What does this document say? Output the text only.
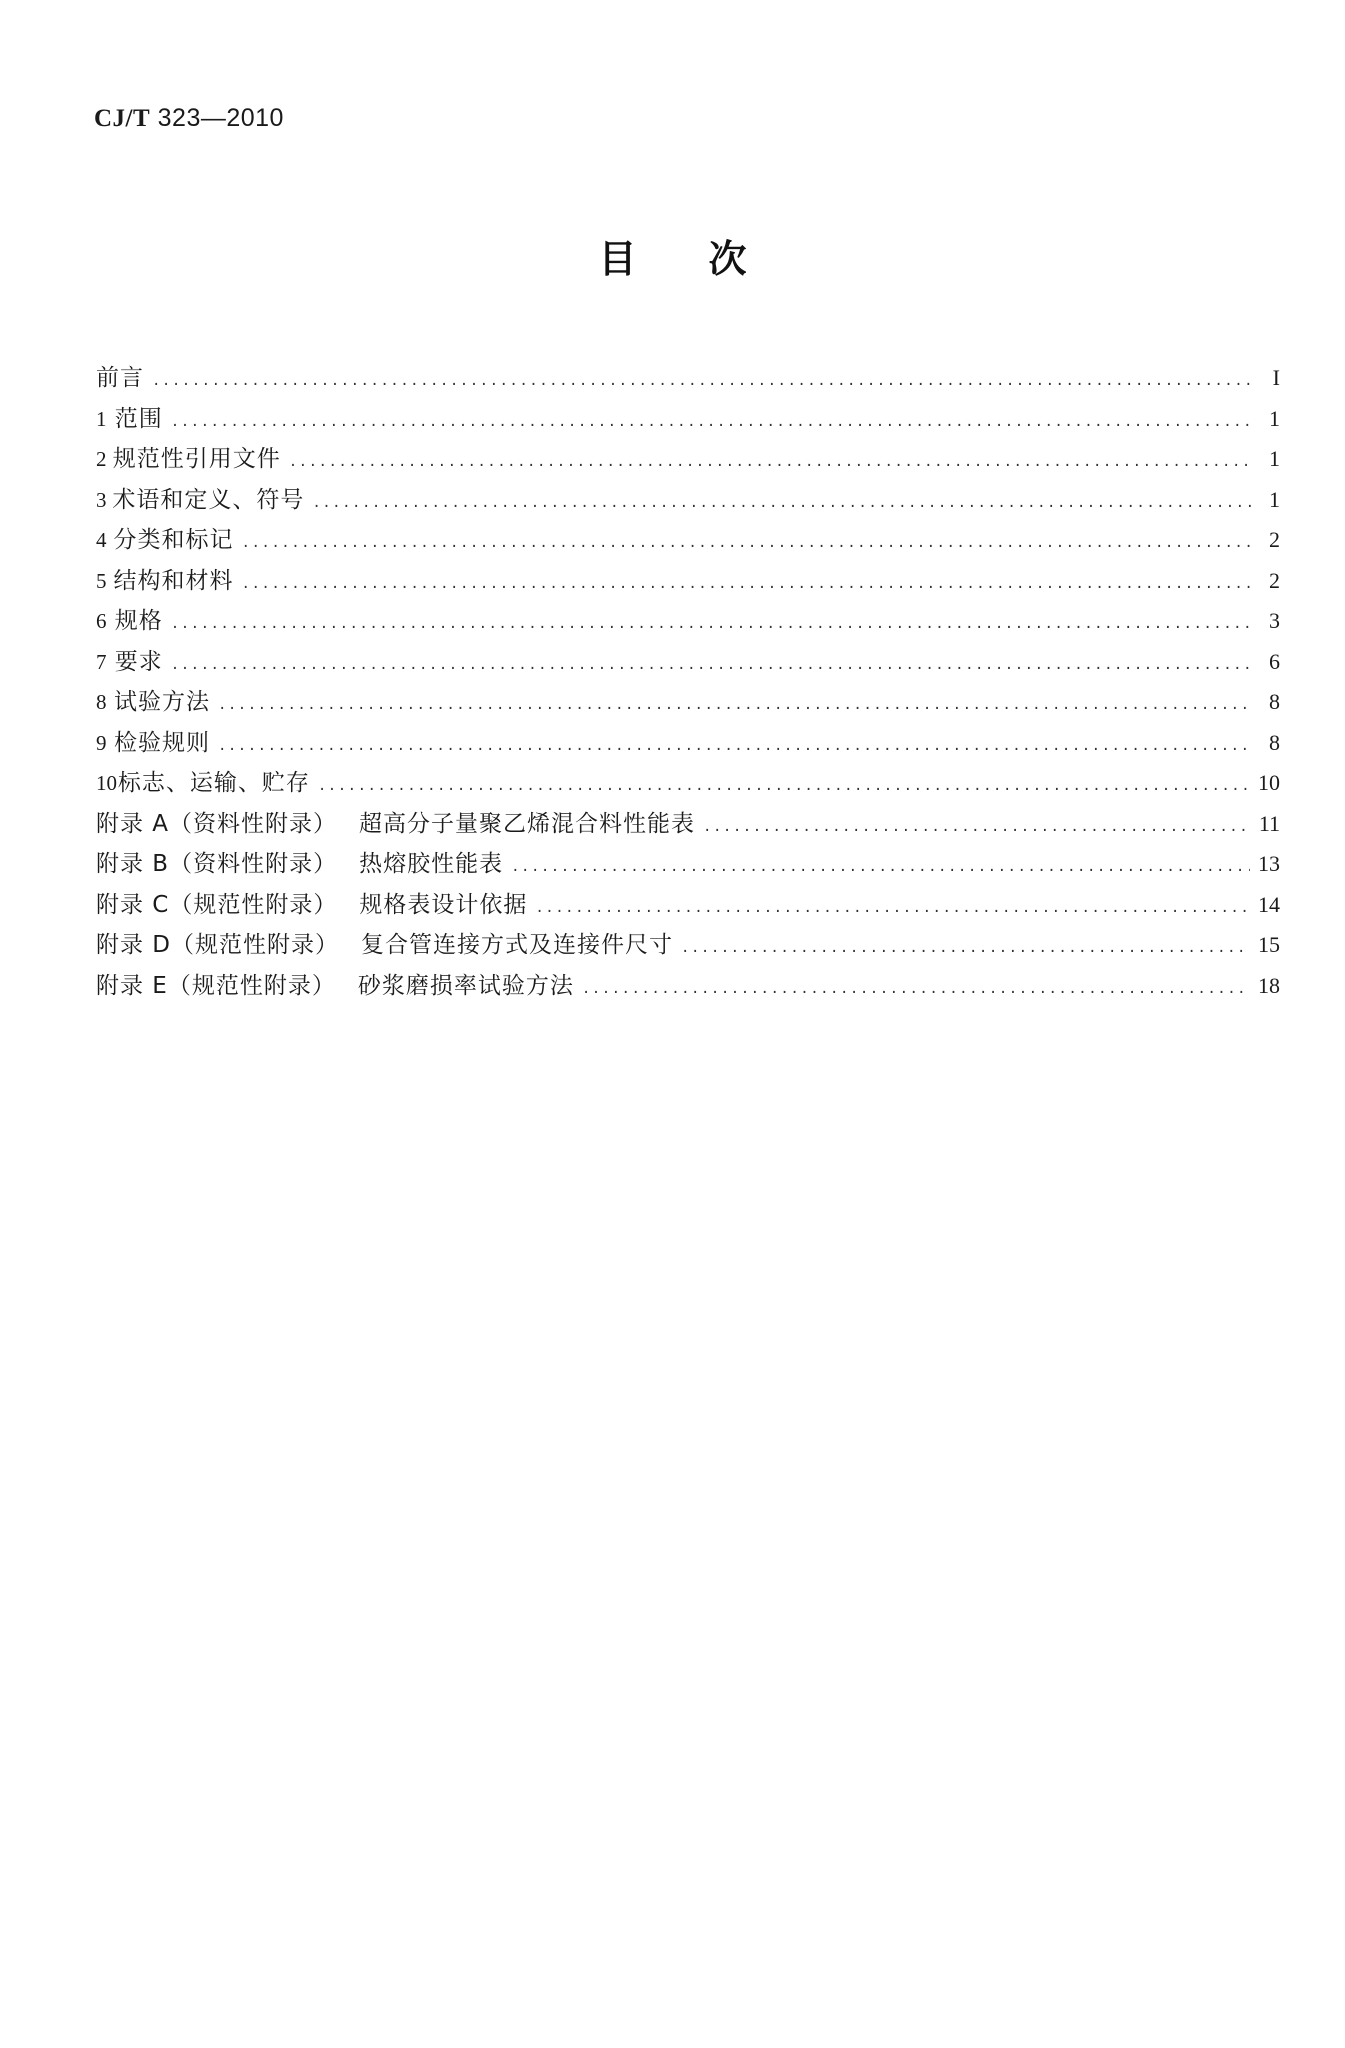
CJ/T 323—2010
目次
前言 .....	I
1 范围 .....	1
2 规范性引用文件 .....	1
3 术语和定义、符号 .....	1
4 分类和标记 .....	2
5 结构和材料 .....	2
6 规格 .....	3
7 要求 .....	6
8 试验方法 .....	8
9 检验规则 .....	8
10 标志、运输、贮存 .....	10
附录 A（资料性附录） 超高分子量聚乙烯混合料性能表 .....	11
附录 B（资料性附录） 热熔胶性能表 .....	13
附录 C（规范性附录） 规格表设计依据 .....	14
附录 D（规范性附录） 复合管连接方式及连接件尺寸 .....	15
附录 E（规范性附录） 砂浆磨损率试验方法 .....	18
